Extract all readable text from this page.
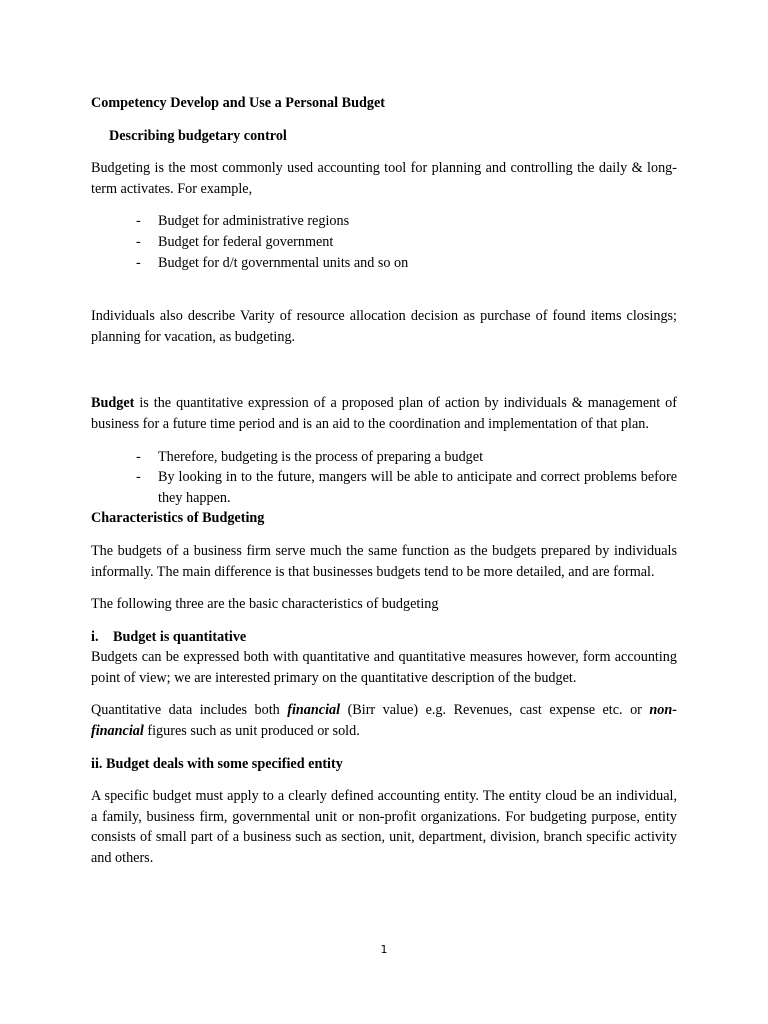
Competency Develop and Use a Personal Budget

Describing budgetary control

Budgeting is the most commonly used accounting tool for planning and controlling the daily & long-term activates. For example,

- Budget for administrative regions
- Budget for federal government
- Budget for d/t governmental units and so on

Individuals also describe Varity of resource allocation decision as purchase of found items closings; planning for vacation, as budgeting.

Budget is the quantitative expression of a proposed plan of action by individuals & management of business for a future time period and is an aid to the coordination and implementation of that plan.

- Therefore, budgeting is the process of preparing a budget
- By looking in to the future, mangers will be able to anticipate and correct problems before they happen.

Characteristics of Budgeting

The budgets of a business firm serve much the same function as the budgets prepared by individuals informally. The main difference is that businesses budgets tend to be more detailed, and are formal.

The following three are the basic characteristics of budgeting

i. Budget is quantitative

Budgets can be expressed both with quantitative and quantitative measures however, form accounting point of view; we are interested primary on the quantitative description of the budget.

Quantitative data includes both financial (Birr value) e.g. Revenues, cast expense etc. or non-financial figures such as unit produced or sold.

ii. Budget deals with some specified entity

A specific budget must apply to a clearly defined accounting entity. The entity cloud be an individual, a family, business firm, governmental unit or non-profit organizations. For budgeting purpose, entity consists of small part of a business such as section, unit, department, division, branch specific activity and others.

1
